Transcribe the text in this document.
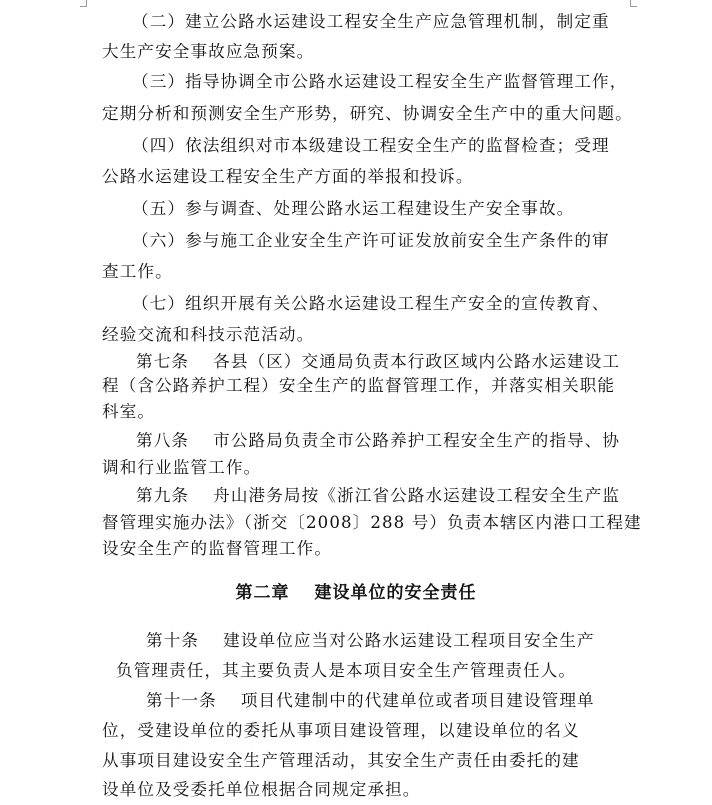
（二）建立公路水运建设工程安全生产应急管理机制，制定重
大生产安全事故应急预案。
（三）指导协调全市公路水运建设工程安全生产监督管理工作，
定期分析和预测安全生产形势，研究、协调安全生产中的重大问题。
（四）依法组织对市本级建设工程安全生产的监督检查；受理
公路水运建设工程安全生产方面的举报和投诉。
（五）参与调查、处理公路水运工程建设生产安全事故。
（六）参与施工企业安全生产许可证发放前安全生产条件的审
查工作。
（七）组织开展有关公路水运建设工程生产安全的宣传教育、
经验交流和科技示范活动。
第七条　 各县（区）交通局负责本行政区域内公路水运建设工
程（含公路养护工程）安全生产的监督管理工作，并落实相关职能
科室。
第八条　 市公路局负责全市公路养护工程安全生产的指导、协
调和行业监管工作。
第九条　 舟山港务局按《浙江省公路水运建设工程安全生产监
督管理实施办法》（浙交〔2008〕288 号）负责本辖区内港口工程建
设安全生产的监督管理工作。
第二章　 建设单位的安全责任
第十条　 建设单位应当对公路水运建设工程项目安全生产
负管理责任，其主要负责人是本项目安全生产管理责任人。
第十一条　 项目代建制中的代建单位或者项目建设管理单
位，受建设单位的委托从事项目建设管理，以建设单位的名义
从事项目建设安全生产管理活动，其安全生产责任由委托的建
设单位及受委托单位根据合同规定承担。
